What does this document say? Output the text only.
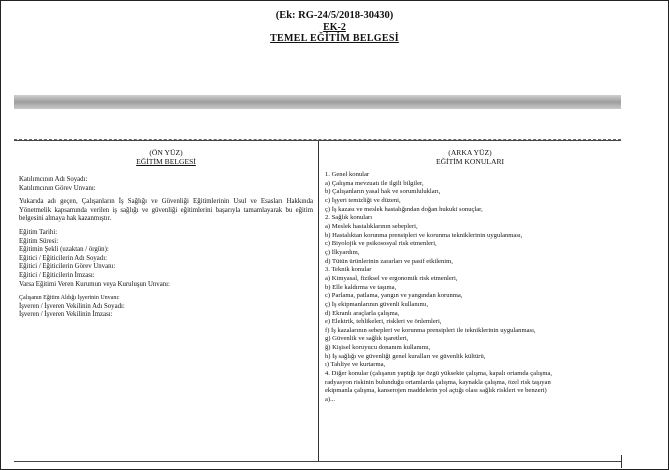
(Ek: RG-24/5/2018-30430)
EK-2
TEMEL EĞİTİM BELGESİ
(ÖN YÜZ)
EĞİTİM BELGESİ
Katılımcının Adı Soyadı:
Katılımcının Görev Unvanı:
Yukarıda adı geçen, Çalışanların İş Sağlığı ve Güvenliği Eğitimlerinin Usul ve Esasları Hakkında Yönetmelik kapsamında verilen iş sağlığı ve güvenliği eğitimlerini başarıyla tamamlayarak bu eğitim belgesini almaya hak kazanmıştır.
Eğitim Tarihi:
Eğitim Süresi:
Eğitimin Şekli (uzaktan / örgün):
Eğitici / Eğiticilerin Adı Soyadı:
Eğitici / Eğiticilerin Görev Unvanı:
Eğitici / Eğiticilerin İmzası:
Varsa Eğitimi Veren Kurumun veya Kuruluşun Unvanı:
Çalışanın Eğitim Aldığı İşyerinin Unvanı:
İşveren / İşveren Vekilinin Adı Soyadı:
İşveren / İşveren Vekilinin İmzası:
(ARKA YÜZ)
EĞİTİM KONULARI
1. Genel konular
a) Çalışma mevzuatı ile ilgili bilgiler,
b) Çalışanların yasal hak ve sorumlulukları,
c) İşyeri temizliği ve düzeni,
ç) İş kazası ve meslek hastalığından doğan hukuki sonuçlar,
2. Sağlık konuları
a) Meslek hastalıklarının sebepleri,
b) Hastalıktan korunma prensipleri ve korunma tekniklerinin uygulanması,
c) Biyolojik ve psikososyal risk etmenleri,
ç) İlkyardım,
d) Tütün ürünlerinin zararları ve pasif etkilenim,
3. Teknik konular
a) Kimyasal, fiziksel ve ergonomik risk etmenleri,
b) Elle kaldırma ve taşıma,
c) Parlama, patlama, yangın ve yangından korunma,
ç) İş ekipmanlarının güvenli kullanımı,
d) Ekranlı araçlarla çalışma,
e) Elektrik, tehlikeleri, riskleri ve önlemleri,
f) İş kazalarının sebepleri ve korunma prensipleri ile tekniklerinin uygulanması,
g) Güvenlik ve sağlık işaretleri,
ğ) Kişisel koruyucu donanım kullanımı,
h) İş sağlığı ve güvenliği genel kuralları ve güvenlik kültürü,
ı) Tahliye ve kurtarma,
4. Diğer konular (çalışanın yaptığı işe özgü yüksekte çalışma, kapalı ortamda çalışma,
radyasyon riskinin bulunduğu ortamlarda çalışma, kaynakla çalışma, özel risk taşıyan
ekipmanla çalışma, kanserojen maddelerin yol açtığı olası sağlık riskleri ve benzeri)
a)...
